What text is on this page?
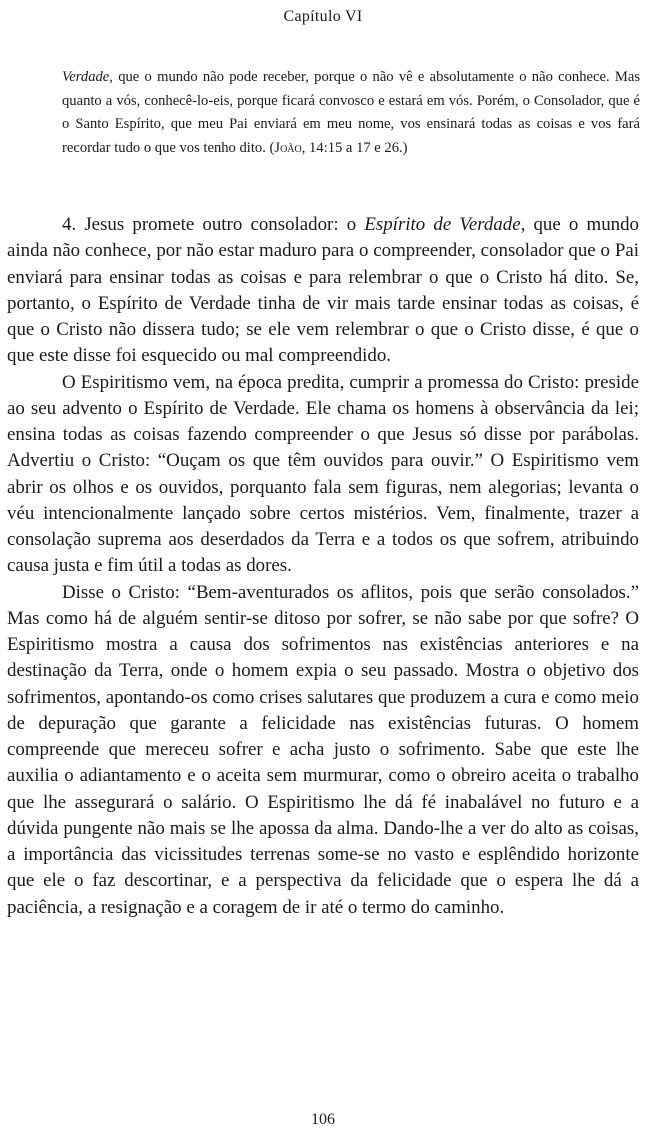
Capítulo VI

Verdade, que o mundo não pode receber, porque o não vê e absolutamente o não conhece. Mas quanto a vós, conhecê-lo-eis, porque ficará convosco e estará em vós. Porém, o Consolador, que é o Santo Espírito, que meu Pai enviará em meu nome, vos ensinará todas as coisas e vos fará recordar tudo o que vos tenho dito. (João, 14:15 a 17 e 26.)

4. Jesus promete outro consolador: o Espírito de Verdade, que o mundo ainda não conhece, por não estar maduro para o compreender, consolador que o Pai enviará para ensinar todas as coisas e para relembrar o que o Cristo há dito. Se, portanto, o Espírito de Verdade tinha de vir mais tarde ensinar todas as coisas, é que o Cristo não dissera tudo; se ele vem relembrar o que o Cristo disse, é que o que este disse foi esquecido ou mal compreendido.

O Espiritismo vem, na época predita, cumprir a promessa do Cristo: preside ao seu advento o Espírito de Verdade. Ele chama os homens à observância da lei; ensina todas as coisas fazendo compreender o que Jesus só disse por parábolas. Advertiu o Cristo: “Ouçam os que têm ouvidos para ouvir.” O Espiritismo vem abrir os olhos e os ouvidos, porquanto fala sem figuras, nem alegorias; levanta o véu intencionalmente lançado sobre certos mistérios. Vem, finalmente, trazer a consolação suprema aos deserdados da Terra e a todos os que sofrem, atribuindo causa justa e fim útil a todas as dores.

Disse o Cristo: “Bem-aventurados os aflitos, pois que serão consolados.” Mas como há de alguém sentir-se ditoso por sofrer, se não sabe por que sofre? O Espiritismo mostra a causa dos sofrimentos nas existências anteriores e na destinação da Terra, onde o homem expia o seu passado. Mostra o objetivo dos sofrimentos, apontando-os como crises salutares que produzem a cura e como meio de depuração que garante a felicidade nas existências futuras. O homem compreende que mereceu sofrer e acha justo o sofrimento. Sabe que este lhe auxilia o adiantamento e o aceita sem murmurar, como o obreiro aceita o trabalho que lhe assegurará o salário. O Espiritismo lhe dá fé inabalável no futuro e a dúvida pungente não mais se lhe apossa da alma. Dando-lhe a ver do alto as coisas, a importância das vicissitudes terrenas some-se no vasto e esplêndido horizonte que ele o faz descortinar, e a perspectiva da felicidade que o espera lhe dá a paciência, a resignação e a coragem de ir até o termo do caminho.

106
